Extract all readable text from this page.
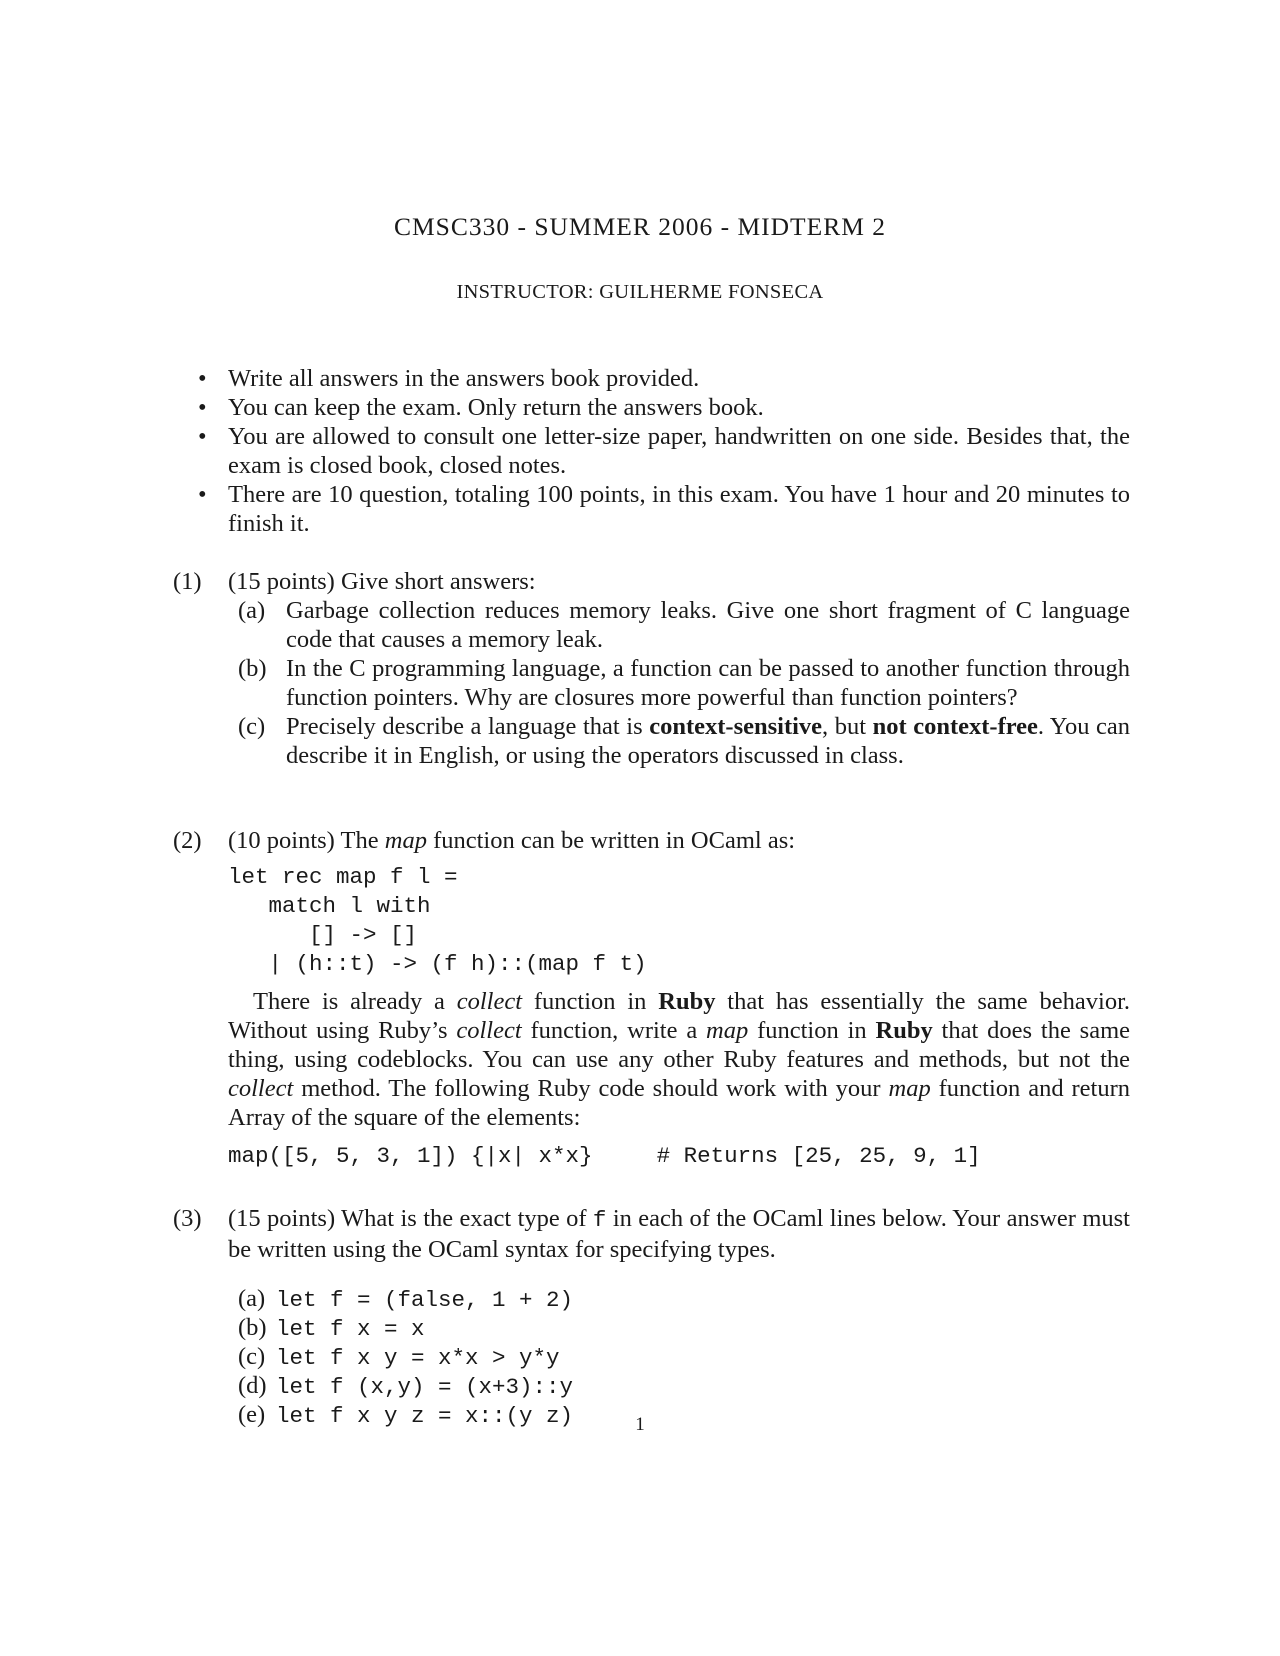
CMSC330 - SUMMER 2006 - MIDTERM 2
INSTRUCTOR: GUILHERME FONSECA
• Write all answers in the answers book provided.
• You can keep the exam. Only return the answers book.
• You are allowed to consult one letter-size paper, handwritten on one side. Besides that, the exam is closed book, closed notes.
• There are 10 question, totaling 100 points, in this exam. You have 1 hour and 20 minutes to finish it.
(1) (15 points) Give short answers:
(a) Garbage collection reduces memory leaks. Give one short fragment of C language code that causes a memory leak.
(b) In the C programming language, a function can be passed to another function through function pointers. Why are closures more powerful than function pointers?
(c) Precisely describe a language that is context-sensitive, but not context-free. You can describe it in English, or using the operators discussed in class.
(2) (10 points) The map function can be written in OCaml as:
let rec map f l =
match l with
[] -> []
| (h::t) -> (f h)::(map f t)
There is already a collect function in Ruby that has essentially the same behavior. Without using Ruby’s collect function, write a map function in Ruby that does the same thing, using codeblocks. You can use any other Ruby features and methods, but not the collect method. The following Ruby code should work with your map function and return Array of the square of the elements:
map([5, 5, 3, 1]) {|x| x*x}	# Returns [25, 25, 9, 1]
(3) (15 points) What is the exact type of f in each of the OCaml lines below. Your answer must be written using the OCaml syntax for specifying types.
(a) let f = (false, 1 + 2)
(b) let f x = x
(c) let f x y = x*x > y*y
(d) let f (x,y) = (x+3)::y
(e) let f x y z = x::(y z)	1
